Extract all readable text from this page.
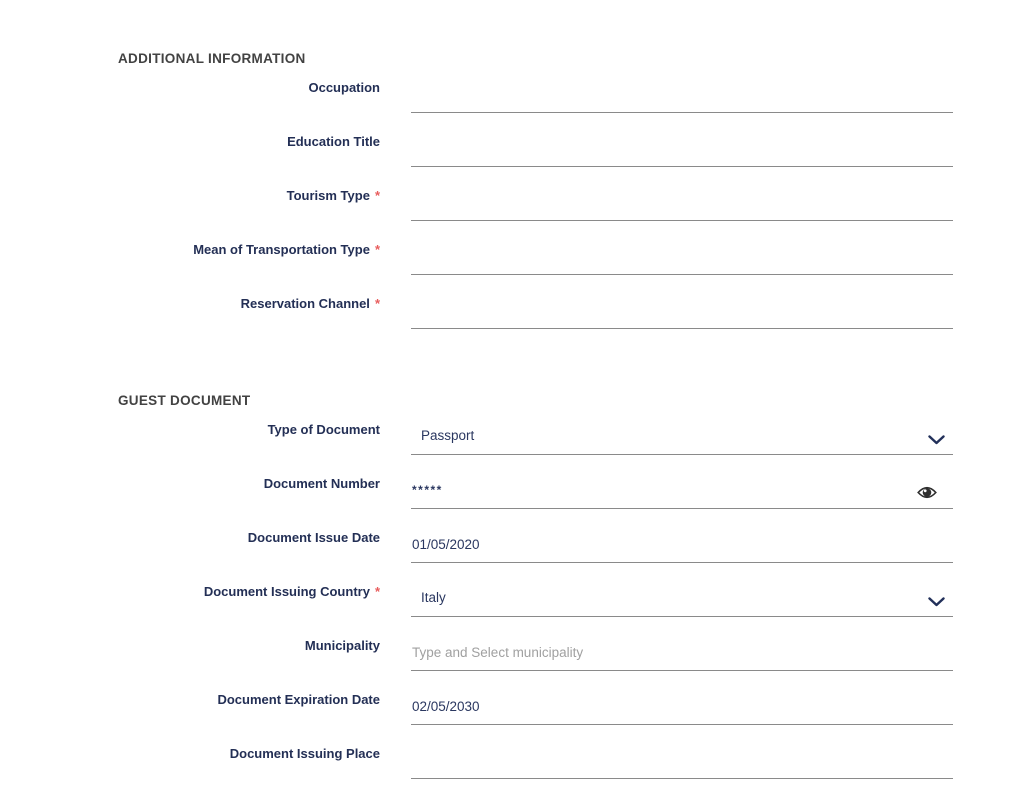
ADDITIONAL INFORMATION
Occupation
Education Title
Tourism Type *
Mean of Transportation Type *
Reservation Channel *
GUEST DOCUMENT
Type of Document	Passport
Document Number
*****
Document Issue Date
01/05/2020
Document Issuing Country *	Italy
Municipality
Type and Select municipality
Document Expiration Date
02/05/2030
Document Issuing Place
